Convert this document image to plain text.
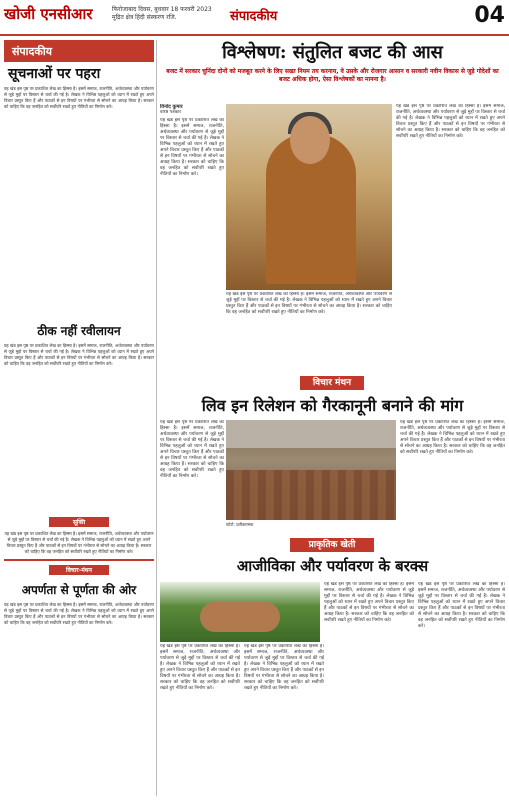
खोजी एनसीआर	फिरोजाबाद दिवस, बुधवार 18 फरवरी 2023
मुद्रित क्षेत्र हिंदी संस्करण रजि.	संपादकीय	04
संपादकीय
सूचनाओं पर पहरा
यह खंड इस पृष्ठ पर प्रकाशित लेख का हिस्सा है। इसमें समाज, राजनीति, अर्थव्यवस्था और पर्यावरण से जुड़े मुद्दों पर विस्तार से चर्चा की गई है। लेखक ने विभिन्न पहलुओं को ध्यान में रखते हुए अपने विचार प्रस्तुत किए हैं और पाठकों से इन विषयों पर गंभीरता से सोचने का आग्रह किया है। सरकार को चाहिए कि वह जनहित को सर्वोपरि रखते हुए नीतियों का निर्माण करे।
ठीक नहीं रवीलायन
यह खंड इस पृष्ठ पर प्रकाशित लेख का हिस्सा है। इसमें समाज, राजनीति, अर्थव्यवस्था और पर्यावरण से जुड़े मुद्दों पर विस्तार से चर्चा की गई है। लेखक ने विभिन्न पहलुओं को ध्यान में रखते हुए अपने विचार प्रस्तुत किए हैं और पाठकों से इन विषयों पर गंभीरता से सोचने का आग्रह किया है। सरकार को चाहिए कि वह जनहित को सर्वोपरि रखते हुए नीतियों का निर्माण करे।
सूक्ति
यह खंड इस पृष्ठ पर प्रकाशित लेख का हिस्सा है। इसमें समाज, राजनीति, अर्थव्यवस्था और पर्यावरण से जुड़े मुद्दों पर विस्तार से चर्चा की गई है। लेखक ने विभिन्न पहलुओं को ध्यान में रखते हुए अपने विचार प्रस्तुत किए हैं और पाठकों से इन विषयों पर गंभीरता से सोचने का आग्रह किया है। सरकार को चाहिए कि वह जनहित को सर्वोपरि रखते हुए नीतियों का निर्माण करे।
विचार-मंथन
अपर्णता से पूर्णता की ओर
यह खंड इस पृष्ठ पर प्रकाशित लेख का हिस्सा है। इसमें समाज, राजनीति, अर्थव्यवस्था और पर्यावरण से जुड़े मुद्दों पर विस्तार से चर्चा की गई है। लेखक ने विभिन्न पहलुओं को ध्यान में रखते हुए अपने विचार प्रस्तुत किए हैं और पाठकों से इन विषयों पर गंभीरता से सोचने का आग्रह किया है। सरकार को चाहिए कि वह जनहित को सर्वोपरि रखते हुए नीतियों का निर्माण करे।
विश्लेषण: संतुलित बजट की आस
बजट में सरकार चुनिंदा दोनों को मजबूत करने के लिए सख्त नियम तय करनाय, वे उसके और रोजगार आसान व सरकारी नवीन विकास से जुड़े गोदेशों का बजट अधिक होगा, ऐसा विश्लेषकों का मानना है।
विनोद कुमार
वरिष्ठ पत्रकार
यह खंड इस पृष्ठ पर प्रकाशित लेख का हिस्सा है। इसमें समाज, राजनीति, अर्थव्यवस्था और पर्यावरण से जुड़े मुद्दों पर विस्तार से चर्चा की गई है। लेखक ने विभिन्न पहलुओं को ध्यान में रखते हुए अपने विचार प्रस्तुत किए हैं और पाठकों से इन विषयों पर गंभीरता से सोचने का आग्रह किया है। सरकार को चाहिए कि वह जनहित को सर्वोपरि रखते हुए नीतियों का निर्माण करे।
यह खंड इस पृष्ठ पर प्रकाशित लेख का हिस्सा है। इसमें समाज, राजनीति, अर्थव्यवस्था और पर्यावरण से जुड़े मुद्दों पर विस्तार से चर्चा की गई है। लेखक ने विभिन्न पहलुओं को ध्यान में रखते हुए अपने विचार प्रस्तुत किए हैं और पाठकों से इन विषयों पर गंभीरता से सोचने का आग्रह किया है। सरकार को चाहिए कि वह जनहित को सर्वोपरि रखते हुए नीतियों का निर्माण करे।
यह खंड इस पृष्ठ पर प्रकाशित लेख का हिस्सा है। इसमें समाज, राजनीति, अर्थव्यवस्था और पर्यावरण से जुड़े मुद्दों पर विस्तार से चर्चा की गई है। लेखक ने विभिन्न पहलुओं को ध्यान में रखते हुए अपने विचार प्रस्तुत किए हैं और पाठकों से इन विषयों पर गंभीरता से सोचने का आग्रह किया है। सरकार को चाहिए कि वह जनहित को सर्वोपरि रखते हुए नीतियों का निर्माण करे।
विचार मंथन
लिव इन रिलेशन को गैरकानूनी बनाने की मांग
यह खंड इस पृष्ठ पर प्रकाशित लेख का हिस्सा है। इसमें समाज, राजनीति, अर्थव्यवस्था और पर्यावरण से जुड़े मुद्दों पर विस्तार से चर्चा की गई है। लेखक ने विभिन्न पहलुओं को ध्यान में रखते हुए अपने विचार प्रस्तुत किए हैं और पाठकों से इन विषयों पर गंभीरता से सोचने का आग्रह किया है। सरकार को चाहिए कि वह जनहित को सर्वोपरि रखते हुए नीतियों का निर्माण करे।
फोटो: प्रतीकात्मक
यह खंड इस पृष्ठ पर प्रकाशित लेख का हिस्सा है। इसमें समाज, राजनीति, अर्थव्यवस्था और पर्यावरण से जुड़े मुद्दों पर विस्तार से चर्चा की गई है। लेखक ने विभिन्न पहलुओं को ध्यान में रखते हुए अपने विचार प्रस्तुत किए हैं और पाठकों से इन विषयों पर गंभीरता से सोचने का आग्रह किया है। सरकार को चाहिए कि वह जनहित को सर्वोपरि रखते हुए नीतियों का निर्माण करे।
प्राकृतिक खेती
आजीविका और पर्यावरण के बरक्स
यह खंड इस पृष्ठ पर प्रकाशित लेख का हिस्सा है। इसमें समाज, राजनीति, अर्थव्यवस्था और पर्यावरण से जुड़े मुद्दों पर विस्तार से चर्चा की गई है। लेखक ने विभिन्न पहलुओं को ध्यान में रखते हुए अपने विचार प्रस्तुत किए हैं और पाठकों से इन विषयों पर गंभीरता से सोचने का आग्रह किया है। सरकार को चाहिए कि वह जनहित को सर्वोपरि रखते हुए नीतियों का निर्माण करे।
यह खंड इस पृष्ठ पर प्रकाशित लेख का हिस्सा है। इसमें समाज, राजनीति, अर्थव्यवस्था और पर्यावरण से जुड़े मुद्दों पर विस्तार से चर्चा की गई है। लेखक ने विभिन्न पहलुओं को ध्यान में रखते हुए अपने विचार प्रस्तुत किए हैं और पाठकों से इन विषयों पर गंभीरता से सोचने का आग्रह किया है। सरकार को चाहिए कि वह जनहित को सर्वोपरि रखते हुए नीतियों का निर्माण करे।
यह खंड इस पृष्ठ पर प्रकाशित लेख का हिस्सा है। इसमें समाज, राजनीति, अर्थव्यवस्था और पर्यावरण से जुड़े मुद्दों पर विस्तार से चर्चा की गई है। लेखक ने विभिन्न पहलुओं को ध्यान में रखते हुए अपने विचार प्रस्तुत किए हैं और पाठकों से इन विषयों पर गंभीरता से सोचने का आग्रह किया है। सरकार को चाहिए कि वह जनहित को सर्वोपरि रखते हुए नीतियों का निर्माण करे।
यह खंड इस पृष्ठ पर प्रकाशित लेख का हिस्सा है। इसमें समाज, राजनीति, अर्थव्यवस्था और पर्यावरण से जुड़े मुद्दों पर विस्तार से चर्चा की गई है। लेखक ने विभिन्न पहलुओं को ध्यान में रखते हुए अपने विचार प्रस्तुत किए हैं और पाठकों से इन विषयों पर गंभीरता से सोचने का आग्रह किया है। सरकार को चाहिए कि वह जनहित को सर्वोपरि रखते हुए नीतियों का निर्माण करे।
